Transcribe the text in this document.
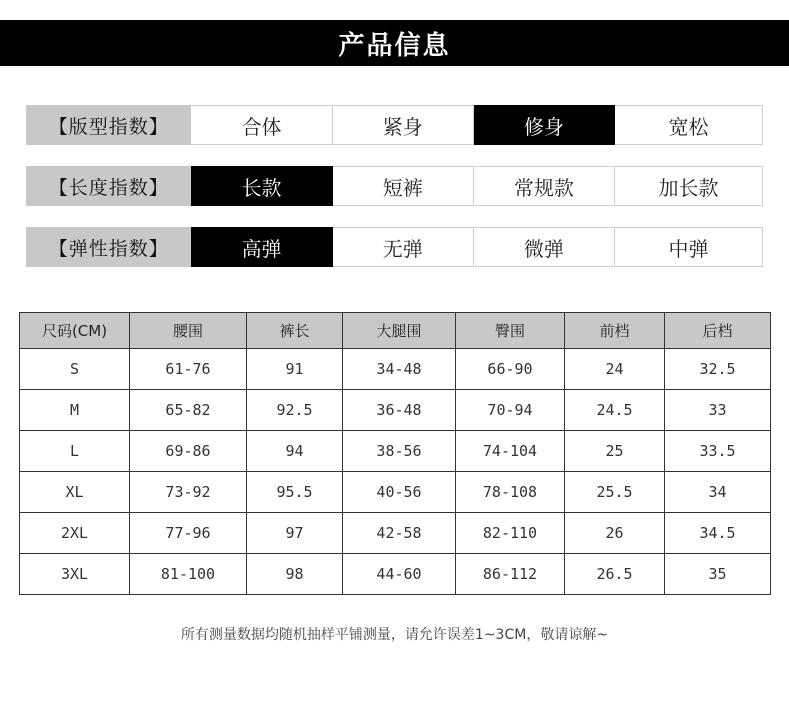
产品信息
【版型指数】	合体	紧身	修身	宽松
【长度指数】	长款	短裤	常规款	加长款
【弹性指数】	高弹	无弹	微弹	中弹
尺码(CM)	腰围	裤长	大腿围	臀围	前档	后档
S	61-76	91	34-48	66-90	24	32.5
M	65-82	92.5	36-48	70-94	24.5	33
L	69-86	94	38-56	74-104	25	33.5
XL	73-92	95.5	40-56	78-108	25.5	34
2XL	77-96	97	42-58	82-110	26	34.5
3XL	81-100	98	44-60	86-112	26.5	35
所有测量数据均随机抽样平铺测量，请允许误差1~3CM，敬请谅解~
